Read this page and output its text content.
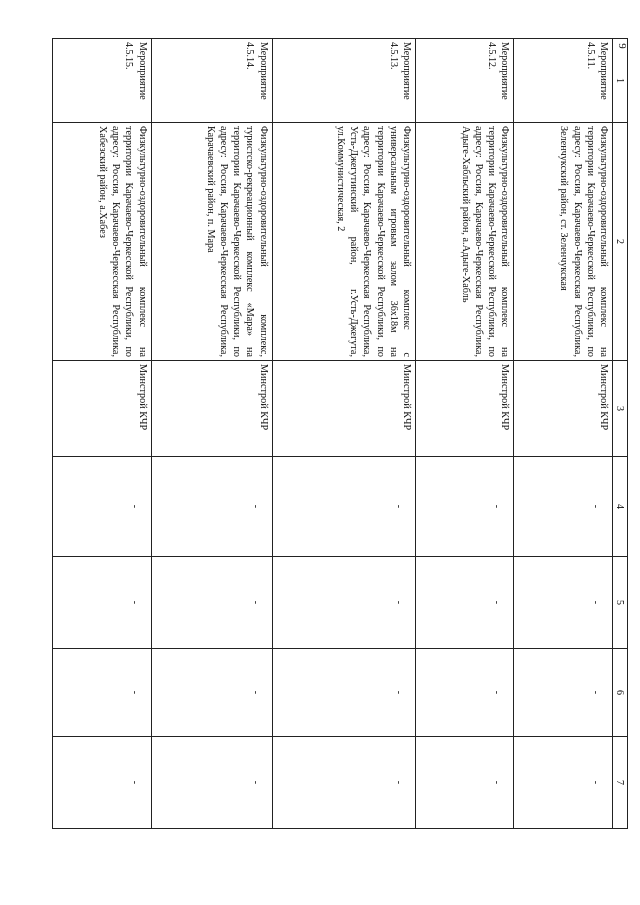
9
1	2	3	4	5	6	7
Мероприятие 4.5.11.	Физкультурно-оздоровительный комплекс на территории Карачаево-Черкесской Республики, по адресу: Россия, Карачаево-Черкесская Республика, Зеленчукский район, ст. Зеленчукская	Минстрой КЧР	-	-	-	-
Мероприятие 4.5.12.	Физкультурно-оздоровительный комплекс на территории Карачаево-Черкесской Республики, по адресу: Россия, Карачаево-Черкесская Республика, Адыге-Хабльский район, а.Адыге-Хабль	Минстрой КЧР	-	-	-	-
Мероприятие 4.5.13.	Физкультурно-оздоровительный комплекс с универсальным игровым залом 36х18м на территории Карачаево-Черкесской Республики, по адресу: Россия, Карачаево-Черкесская Республика, Усть-Джегутинский район, г.Усть-Джегута, ул.Коммунистическая, 2	Минстрой КЧР	-	-	-	-
Мероприятие 4.5.14.	Физкультурно-оздоровительный комплекс, туристско-рекреационный комплекс «Мара» на территории Карачаево-Черкесской Республики, по адресу: Россия, Карачаево-Черкесская Республика, Карачаевский район, п. Мара	Минстрой КЧР	-	-	-	-
Мероприятие 4.5.15.	Физкультурно-оздоровительный комплекс на территории Карачаево-Черкесской Республики, по адресу: Россия, Карачаево-Черкесская Республика, Хабезский район, а.Хабез	Минстрой КЧР	-	-	-	-
